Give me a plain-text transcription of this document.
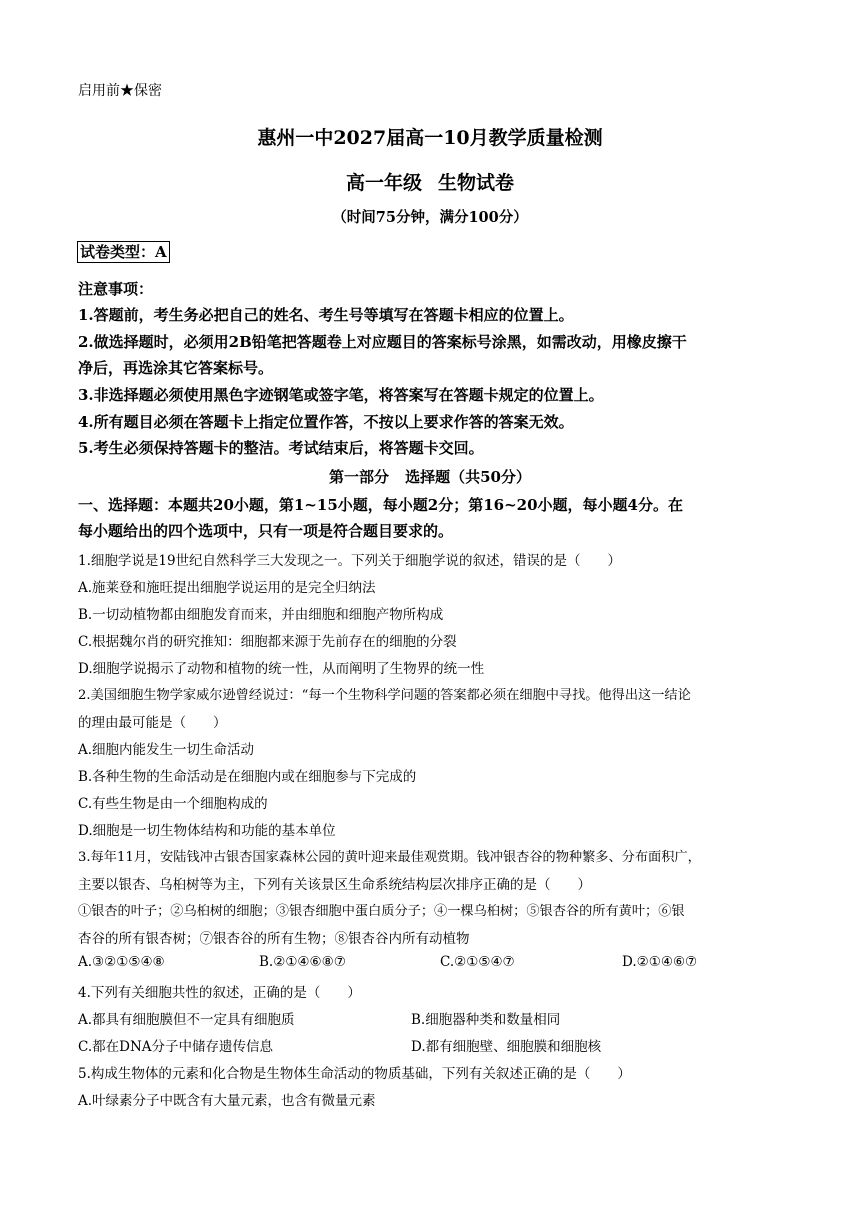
启用前★保密
惠州一中2027届高一10月教学质量检测
高一年级 生物试卷
（时间75分钟，满分100分）
试卷类型：A
注意事项：
1.答题前，考生务必把自己的姓名、考生号等填写在答题卡相应的位置上。
2.做选择题时，必须用2B铅笔把答题卷上对应题目的答案标号涂黑，如需改动，用橡皮擦干
净后，再选涂其它答案标号。
3.非选择题必须使用黑色字迹钢笔或签字笔，将答案写在答题卡规定的位置上。
4.所有题目必须在答题卡上指定位置作答，不按以上要求作答的答案无效。
5.考生必须保持答题卡的整洁。考试结束后，将答题卡交回。
第一部分 选择题（共50分）
一、选择题：本题共20小题，第1~15小题，每小题2分；第16~20小题，每小题4分。在
每小题给出的四个选项中，只有一项是符合题目要求的。
1.细胞学说是19世纪自然科学三大发现之一。下列关于细胞学说的叙述，错误的是（　　）
A.施莱登和施旺提出细胞学说运用的是完全归纳法
B.一切动植物都由细胞发育而来，并由细胞和细胞产物所构成
C.根据魏尔肖的研究推知：细胞都来源于先前存在的细胞的分裂
D.细胞学说揭示了动物和植物的统一性，从而阐明了生物界的统一性
2.美国细胞生物学家威尔逊曾经说过：“每一个生物科学问题的答案都必须在细胞中寻找。他得出这一结论
的理由最可能是（　　）
A.细胞内能发生一切生命活动
B.各种生物的生命活动是在细胞内或在细胞参与下完成的
C.有些生物是由一个细胞构成的
D.细胞是一切生物体结构和功能的基本单位
3.每年11月，安陆钱冲古银杏国家森林公园的黄叶迎来最佳观赏期。钱冲银杏谷的物种繁多、分布面积广，
主要以银杏、乌桕树等为主，下列有关该景区生命系统结构层次排序正确的是（　　）
①银杏的叶子；②乌桕树的细胞；③银杏细胞中蛋白质分子；④一棵乌桕树；⑤银杏谷的所有黄叶；⑥银
杏谷的所有银杏树；⑦银杏谷的所有生物；⑧银杏谷内所有动植物
A.③②①⑤④⑧	B.②①④⑥⑧⑦	C.②①⑤④⑦	D.②①④⑥⑦
4.下列有关细胞共性的叙述，正确的是（　　）
A.都具有细胞膜但不一定具有细胞质	B.细胞器种类和数量相同
C.都在DNA分子中储存遗传信息	D.都有细胞壁、细胞膜和细胞核
5.构成生物体的元素和化合物是生物体生命活动的物质基础，下列有关叙述正确的是（　　）
A.叶绿素分子中既含有大量元素，也含有微量元素
